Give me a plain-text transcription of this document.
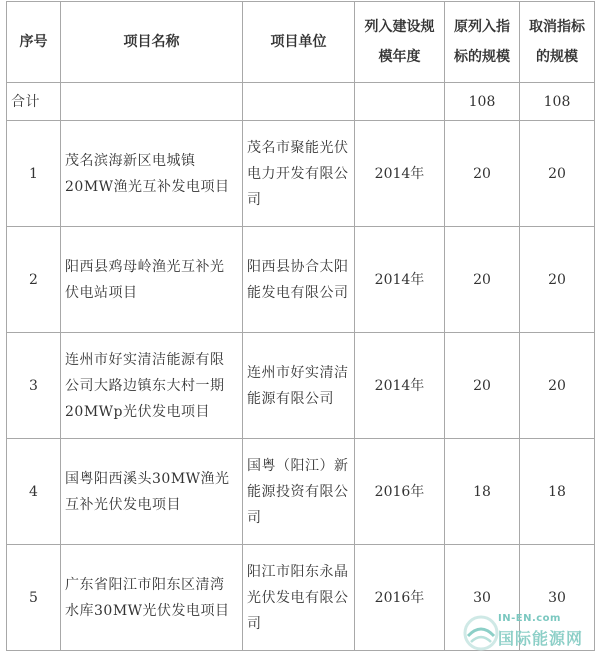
序号	项目名称	项目单位	列入建设规模年度	原列入指标的规模	取消指标的规模
合计				108	108
1	茂名滨海新区电城镇20MW渔光互补发电项目	茂名市聚能光伏电力开发有限公司	2014年	20	20
2	阳西县鸡母岭渔光互补光伏电站项目	阳西县协合太阳能发电有限公司	2014年	20	20
3	连州市好实清洁能源有限公司大路边镇东大村一期20MWp光伏发电项目	连州市好实清洁能源有限公司	2014年	20	20
4	国粤阳西溪头30MW渔光互补光伏发电项目	国粤（阳江）新能源投资有限公司	2016年	18	18
5	广东省阳江市阳东区清湾水库30MW光伏发电项目	阳江市阳东永晶光伏发电有限公司	2016年	30	30
IN-EN.com
国际能源网
